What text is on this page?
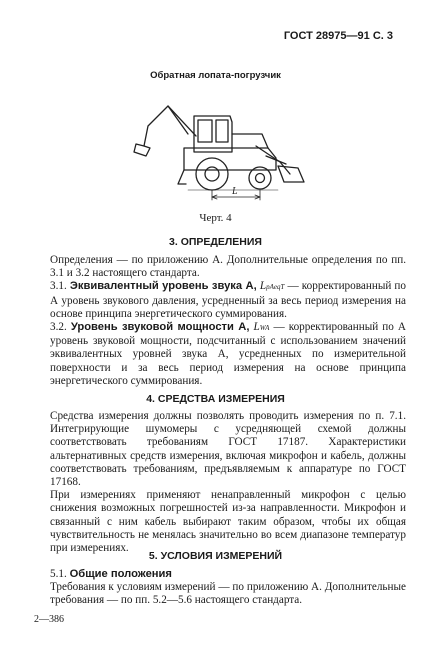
ГОСТ 28975—91 С. 3
Обратная лопата-погрузчик
L
Черт. 4
3. ОПРЕДЕЛЕНИЯ
Определения — по приложению А. Дополнительные определения по пп. 3.1 и 3.2 настоящего стандарта.
3.1. Эквивалентный уровень звука А, LpAeqT — корректированный по А уровень звукового давления, усредненный за весь период измерения на основе принципа энергетического суммирования.
3.2. Уровень звуковой мощности А, LWA — корректированный по А уровень звуковой мощности, подсчитанный с использованием значений эквивалентных уровней звука А, усредненных по измерительной поверхности и за весь период измерения на основе принципа энергетического суммирования.
4. СРЕДСТВА ИЗМЕРЕНИЯ
Средства измерения должны позволять проводить измерения по п. 7.1. Интегрирующие шумомеры с усредняющей схемой должны соответствовать требованиям ГОСТ 17187. Характеристики альтернативных средств измерения, включая микрофон и кабель, должны соответствовать требованиям, предъявляемым к аппаратуре по ГОСТ 17168.
При измерениях применяют ненаправленный микрофон с целью снижения возможных погрешностей из-за направленности. Микрофон и связанный с ним кабель выбирают таким образом, чтобы их общая чувствительность не менялась значительно во всем диапазоне температур при измерениях.
5. УСЛОВИЯ ИЗМЕРЕНИЙ
5.1. Общие положения
Требования к условиям измерений — по приложению А. Дополнительные требования — по пп. 5.2—5.6 настоящего стандарта.
2—386
